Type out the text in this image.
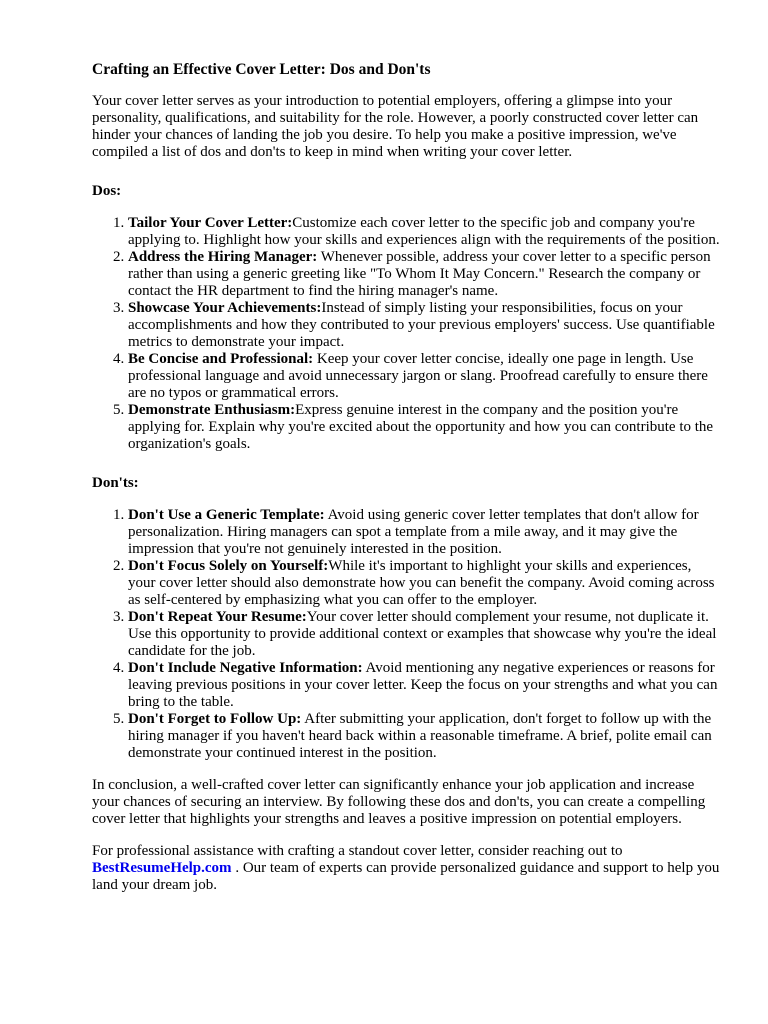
Crafting an Effective Cover Letter: Dos and Don'ts

Your cover letter serves as your introduction to potential employers, offering a glimpse into your personality, qualifications, and suitability for the role. However, a poorly constructed cover letter can hinder your chances of landing the job you desire. To help you make a positive impression, we've compiled a list of dos and don'ts to keep in mind when writing your cover letter.

Dos:

1. Tailor Your Cover Letter:Customize each cover letter to the specific job and company you're applying to. Highlight how your skills and experiences align with the requirements of the position.
2. Address the Hiring Manager: Whenever possible, address your cover letter to a specific person rather than using a generic greeting like "To Whom It May Concern." Research the company or contact the HR department to find the hiring manager's name.
3. Showcase Your Achievements:Instead of simply listing your responsibilities, focus on your accomplishments and how they contributed to your previous employers' success. Use quantifiable metrics to demonstrate your impact.
4. Be Concise and Professional: Keep your cover letter concise, ideally one page in length. Use professional language and avoid unnecessary jargon or slang. Proofread carefully to ensure there are no typos or grammatical errors.
5. Demonstrate Enthusiasm:Express genuine interest in the company and the position you're applying for. Explain why you're excited about the opportunity and how you can contribute to the organization's goals.

Don'ts:

1. Don't Use a Generic Template: Avoid using generic cover letter templates that don't allow for personalization. Hiring managers can spot a template from a mile away, and it may give the impression that you're not genuinely interested in the position.
2. Don't Focus Solely on Yourself:While it's important to highlight your skills and experiences, your cover letter should also demonstrate how you can benefit the company. Avoid coming across as self-centered by emphasizing what you can offer to the employer.
3. Don't Repeat Your Resume:Your cover letter should complement your resume, not duplicate it. Use this opportunity to provide additional context or examples that showcase why you're the ideal candidate for the job.
4. Don't Include Negative Information: Avoid mentioning any negative experiences or reasons for leaving previous positions in your cover letter. Keep the focus on your strengths and what you can bring to the table.
5. Don't Forget to Follow Up: After submitting your application, don't forget to follow up with the hiring manager if you haven't heard back within a reasonable timeframe. A brief, polite email can demonstrate your continued interest in the position.

In conclusion, a well-crafted cover letter can significantly enhance your job application and increase your chances of securing an interview. By following these dos and don'ts, you can create a compelling cover letter that highlights your strengths and leaves a positive impression on potential employers.

For professional assistance with crafting a standout cover letter, consider reaching out to BestResumeHelp.com . Our team of experts can provide personalized guidance and support to help you land your dream job.
